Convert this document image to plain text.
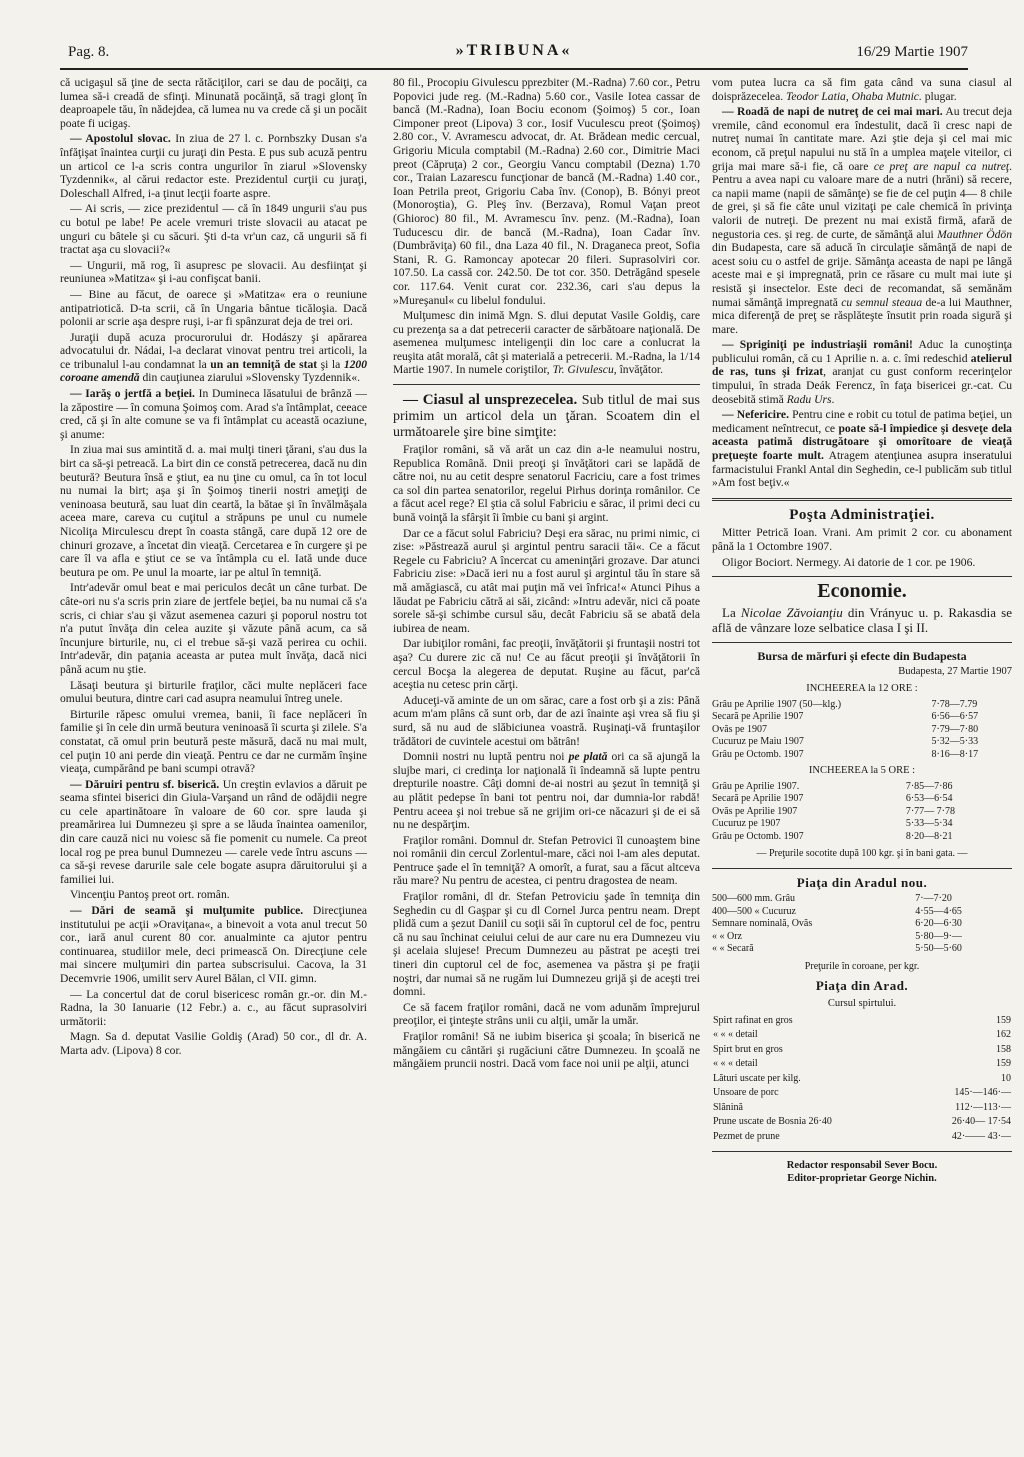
Pag. 8.	»TRIBUNA«	16/29 Martie 1907

că ucigaşul să ţine de secta rătăciţilor, cari se dau de pocăiţi, ca lumea să-i creadă de sfinţi. Minunată pocăinţă, să tragi glonţ în deaproapele tău, în nădejdea, că lumea nu va crede că şi un pocăit poate fi ucigaş.

— Apostolul slovac. In ziua de 27 l. c. Pornbszky Dusan s'a înfăţişat înaintea curţii cu juraţi din Pesta. E pus sub acuză pentru un articol ce l-a scris contra ungurilor în ziarul »Slovensky Tyzdennik«, al cărui redactor este. Prezidentul curţii cu juraţi, Doleschall Alfred, i-a ţinut lecţii foarte aspre.

— Ai scris, — zice prezidentul — că în 1849 ungurii s'au pus cu botul pe labe! Pe acele vremuri triste slovacii au atacat pe unguri cu bâtele şi cu săcuri. Şti d-ta vr'un caz, că ungurii să fi tractat aşa cu slovacii?«

— Ungurii, mă rog, îi asupresc pe slovacii. Au desfiinţat şi reuniunea »Matitza« şi i-au confişcat banii.

— Bine au făcut, de oarece şi »Matitza« era o reuniune antipatriotică. D-ta scrii, că în Ungaria bântue ticăloşia. Dacă polonii ar scrie aşa despre ruşi, i-ar fi spânzurat deja de trei ori.

Juraţii după acuza procurorului dr. Hodászy şi apărarea advocatului dr. Nádai, l-a declarat vinovat pentru trei articoli, la ce tribunalul l-au condamnat la un an temniţă de stat şi la 1200 coroane amendă din cauţiunea ziarului »Slovensky Tyzdennik«.

— Iarăş o jertfă a beţiei. In Dumineca lăsatului de brânză — la zăpostire — în comuna Şoimoş com. Arad s'a întâmplat, ceeace cred, că şi în alte comune se va fi întâmplat cu această ocaziune, şi anume:

In ziua mai sus amintită d. a. mai mulţi tineri ţărani, s'au dus la birt ca să-şi petreacă. La birt din ce constă petrecerea, dacă nu din beutură? Beutura însă e ştiut, ea nu ţine cu omul, ca în tot locul nu numai la birt; aşa şi în Şoimoş tinerii nostri ameţiţi de veninoasa beutură, sau luat din ceartă, la bătae şi în învălmăşala aceea mare, careva cu cuţitul a străpuns pe unul cu numele Nicoliţa Mirculescu drept în coasta stângă, care după 12 ore de chinuri grozave, a încetat din vieaţă. Cercetarea e în curgere şi pe care îl va afla e ştiut ce se va întâmpla cu el. Iată unde duce beutura pe om. Pe unul la moarte, iar pe altul în temniţă.

Intr'adevăr omul beat e mai periculos decât un câne turbat. De câte-ori nu s'a scris prin ziare de jertfele beţiei, ba nu numai că s'a scris, ci chiar s'au şi văzut asemenea cazuri şi poporul nostru tot n'a putut învăţa din celea auzite şi văzute până acum, ca să încunjure birturile, nu, ci el trebue să-şi vază perirea cu ochii. Intr'adevăr, din paţania aceasta ar putea mult învăţa, dacă nici până acum nu ştie.

Lăsaţi beutura şi birturile fraţilor, căci multe neplăceri face omului beutura, dintre cari cad asupra neamului întreg unele.

Birturile răpesc omului vremea, banii, îi face neplăceri în familie şi în cele din urmă beutura veninoasă îi scurta şi zilele. S'a constatat, că omul prin beutură peste măsură, dacă nu mai mult, cel puţin 10 ani perde din vieaţă. Pentru ce dar ne curmăm înşine vieaţa, cumpărând pe bani scumpi otravă?

— Dăruiri pentru sf. biserică. Un creştin evlavios a dăruit pe seama sfintei biserici din Giula-Varşand un rând de odăjdii negre cu cele apartinătoare în valoare de 60 cor. spre lauda şi preamărirea lui Dumnezeu şi spre a se lăuda înaintea oamenilor, din care cauză nici nu voiesc să fie pomenit cu numele. Ca preot local rog pe prea bunul Dumnezeu — carele vede întru ascuns — ca să-şi revese darurile sale cele bogate asupra dăruitorului şi a familiei lui.

Vincenţiu Pantoş preot ort. român.

— Dări de seamă şi mulţumite publice. Direcţiunea institutului pe acţii »Oraviţana«, a binevoit a vota anul trecut 50 cor., iară anul curent 80 cor. anualminte ca ajutor pentru continuarea, studiilor mele, deci primească On. Direcţiune cele mai sincere mulţumiri din partea subscrisului. Cacova, la 31 Decemvrie 1906, umilit serv Aurel Bălan, cl VII. gimn.

— La concertul dat de corul bisericesc român gr.-or. din M.-Radna, la 30 Ianuarie (12 Febr.) a. c., au făcut suprasolviri următorii:

Magn. Sa d. deputat Vasilie Goldiş (Arad) 50 cor., dl dr. A. Marta adv. (Lipova) 8 cor.

80 fil., Procopiu Givulescu pprezbiter (M.-Radna) 7.60 cor., Petru Popovici jude reg. (M.-Radna) 5.60 cor., Vasile Iotea cassar de bancă (M.-Radna), Ioan Bociu econom (Şoimoş) 5 cor., Ioan Cimponer preot (Lipova) 3 cor., Iosif Vuculescu preot (Şoimoş) 2.80 cor., V. Avramescu advocat, dr. At. Brădean medic cercual, Grigoriu Micula comptabil (M.-Radna) 2.60 cor., Dimitrie Maci preot (Căpruţa) 2 cor., Georgiu Vancu comptabil (Dezna) 1.70 cor., Traian Lazarescu funcţionar de bancă (M.-Radna) 1.40 cor., Ioan Petrila preot, Grigoriu Caba înv. (Conop), B. Bónyi preot (Monoroştia), G. Pleş înv. (Berzava), Romul Vaţan preot (Ghioroc) 80 fil., M. Avramescu înv. penz. (M.-Radna), Ioan Tuducescu dir. de bancă (M.-Radna), Ioan Cadar înv. (Dumbrăviţa) 60 fil., dna Laza 40 fil., N. Draganeca preot, Sofia Stani, R. G. Ramoncay apotecar 20 fileri. Suprasolviri cor. 107.50. La cassă cor. 242.50. De tot cor. 350. Detrăgând spesele cor. 117.64. Venit curat cor. 232.36, cari s'au depus la »Mureşanul« cu libelul fondului.

Mulţumesc din inimă Mgn. S. dlui deputat Vasile Goldiş, care cu prezenţa sa a dat petrecerii caracter de sărbătoare naţională. De asemenea mulţumesc inteligenţii din loc care a conlucrat la reuşita atât morală, cât şi materială a petrecerii. M.-Radna, la 1/14 Martie 1907. In numele coriştilor, Tr. Givulescu, învăţător.

— Ciasul al unsprezecelea. Sub titlul de mai sus primim un articol dela un ţăran. Scoatem din el următoarele şire bine simţite:

Fraţilor români, să vă arăt un caz din a-le neamului nostru, Republica Română. Dnii preoţi şi învăţători cari se lapădă de către noi, nu au cetit despre senatorul Facriciu, care a fost trimes ca sol din partea senatorilor, regelui Pirhus dorinţa românilor. Ce a făcut acel rege? El ştia că solul Fabriciu e sărac, il primi deci cu bună voinţă la sfârşit îi îmbie cu bani şi argint.

Dar ce a făcut solul Fabriciu? Deşi era sărac, nu primi nimic, ci zise: »Păstrează aurul şi argintul pentru saracii tăi«. Ce a făcut Regele cu Fabriciu? A încercat cu ameninţări grozave. Dar atunci Fabriciu zise: »Dacă ieri nu a fost aurul şi argintul tău în stare să mă amăgiască, cu atât mai puţin mă vei înfrica!« Atunci Pihus a lăudat pe Fabriciu cătră ai săi, zicând: »Intru adevăr, nici că poate sorele să-şi schimbe cursul său, decât Fabriciu să se abată dela iubirea de neam.

Dar iubiţilor români, fac preoţii, învăţătorii şi fruntaşii nostri tot aşa? Cu durere zic că nu! Ce au făcut preoţii şi învăţătorii în cercul Bocşa la alegerea de deputat. Ruşine au făcut, par'că aceştia nu cetesc prin cărţi.

Aduceţi-vă aminte de un om sărac, care a fost orb şi a zis: Până acum m'am plâns că sunt orb, dar de azi înainte aşi vrea să fiu şi surd, să nu aud de slăbiciunea voastră. Ruşinaţi-vă fruntaşilor trădători de cuvintele acestui om bătrân!

Domnii nostri nu luptă pentru noi pe plată ori ca să ajungă la slujbe mari, ci credinţa lor naţională îi îndeamnă să lupte pentru drepturile noastre. Câţi domni de-ai nostri au şezut în temniţă şi au plătit pedepse în bani tot pentru noi, dar dumnia-lor rabdă! Pentru aceea şi noi trebue să ne grijim ori-ce năcazuri şi de ei să nu ne despărţim.

Fraţilor români. Domnul dr. Stefan Petrovici îl cunoaştem bine noi românii din cercul Zorlentul-mare, căci noi l-am ales deputat. Pentruce şade el în temniţă? A omorît, a furat, sau a făcut altceva rău mare? Nu pentru de acestea, ci pentru dragostea de neam.

Fraţilor români, dl dr. Stefan Petroviciu şade în temniţa din Seghedin cu dl Gaşpar şi cu dl Cornel Jurca pentru neam. Drept plidă cum a şezut Daniil cu soţii săi în cuptorul cel de foc, pentru că nu sau închinat ceiului celui de aur care nu era Dumnezeu viu şi acelaia slujese! Precum Dumnezeu au păstrat pe aceşti trei tineri din cuptorul cel de foc, asemenea va păstra şi pe fraţii noştri, dar numai să ne rugăm lui Dumnezeu grijă şi de aceşti trei domni.

Ce să facem fraţilor români, dacă ne vom adunăm împrejurul preoţilor, ei ţinteşte strâns unii cu alţii, umăr la umăr.

Fraţilor români! Să ne iubim biserica şi şcoala; în biserică ne măngăiem cu cântări şi rugăciuni către Dumnezeu. In şcoală ne măngăiem pruncii nostri. Dacă vom face noi unii pe alţii, atunci

vom putea lucra ca să fim gata când va suna ciasul al doisprăzecelea. Teodor Latia, Ohaba Mutnic. plugar.

— Roadă de napi de nutreţ de cei mai mari. Au trecut deja vremile, când economul era îndestulit, dacă îi cresc napi de nutreţ numai în cantitate mare. Azi ştie deja şi cel mai mic econom, că preţul napului nu stă în a umplea maţele viteilor, ci grija mai mare să-i fie, că oare ce preţ are napul ca nutreţ. Pentru a avea napi cu valoare mare de a nutri (hrăni) să recere, ca napii mame (napii de sămânţe) se fie de cel puţin 4— 8 chile de grei, şi să fie câte unul vizitaţi pe cale chemică în privinţa valorii de nutreţi. De prezent nu mai există firmă, afară de negustoria ces. şi reg. de curte, de sămânţă alui Mauthner Ödön din Budapesta, care să aducă în circulaţie sămânţă de napi de acest soiu cu o astfel de grije. Sămânţa aceasta de napi pe lângă aceste mai e şi impregnată, prin ce răsare cu mult mai iute şi resistă şi insectelor. Este deci de recomandat, să semănăm numai sămânţă impregnată cu semnul steaua de-a lui Mauthner, mica diferenţă de preţ se răsplăteşte însutit prin roada sigură şi mare.

— Spriginiţi pe industriaşii români! Aduc la cunoştinţa publicului român, că cu 1 Aprilie n. a. c. îmi redeschid atelierul de ras, tuns şi frizat, aranjat cu gust conform recerinţelor timpului, în strada Deák Ferencz, în faţa bisericei gr.-cat. Cu deosebită stimă Radu Urs.

— Nefericire. Pentru cine e robit cu totul de patima beţiei, un medicament neîntrecut, ce poate să-l împiedice şi desveţe dela aceasta patimă distrugătoare şi omorîtoare de vieaţă preţueşte foarte mult. Atragem atenţiunea asupra inseratului farmacistului Frankl Antal din Seghedin, ce-l publicăm sub titlul »Am fost beţiv.«

Poşta Administraţiei.

Mitter Petrică Ioan. Vrani. Am primit 2 cor. cu abonament până la 1 Octombre 1907.

Oligor Bociort. Nermegy. Ai datorie de 1 cor. pe 1906.

Economie.

La Nicolae Zăvoianţiu din Vrányuc u. p. Rakasdia se află de vânzare loze selbatice clasa I şi II.

Bursa de mărfuri şi efecte din Budapesta
Budapesta, 27 Martie 1907
INCHEEREA la 12 ORE :
Grâu pe Aprilie 1907 (50—klg.)	7·78—7.79
Secară pe Aprilie 1907	6·56—6·57
Ovăs pe 1907	7·79—7·80
Cucuruz pe Maiu 1907	5·32—5·33
Grâu pe Octomb. 1907	8·16—8·17
INCHEEREA la 5 ORE :
Grâu pe Aprilie 1907.	7·85—7·86
Secară pe Aprilie 1907	6·53—6·54
Ovăs pe Aprilie 1907	7·77— 7·78
Cucuruz pe 1907	5·33—5·34
Grâu pe Octomb. 1907	8·20—8·21
— Preţurile socotite după 100 kgr. şi în bani gata. —
Piaţa din Aradul nou.
500—600 mm. Grâu	7·—7·20
400—500 « Cucuruz	4·55—4·65
Semnare nominală, Ovăs	6·20—6·30
« « Orz	5·80—9·—
« « Secară	5·50—5·60
Preţurile în coroane, per kgr.
Piaţa din Arad.
Cursul spirtului.
Spirt rafinat en gros	159
« « « detail	162
Spirt brut en gros	158
« « « detail	159
Lături uscate per kilg.	10
Unsoare de porc	145·—146·—
Slănină	112·—113·—
Prune uscate de Bosnia 26·40	26·40— 17·54
Pezmet de prune	42·—— 43·—
Redactor responsabil Sever Bocu.
Editor-proprietar George Nichin.
